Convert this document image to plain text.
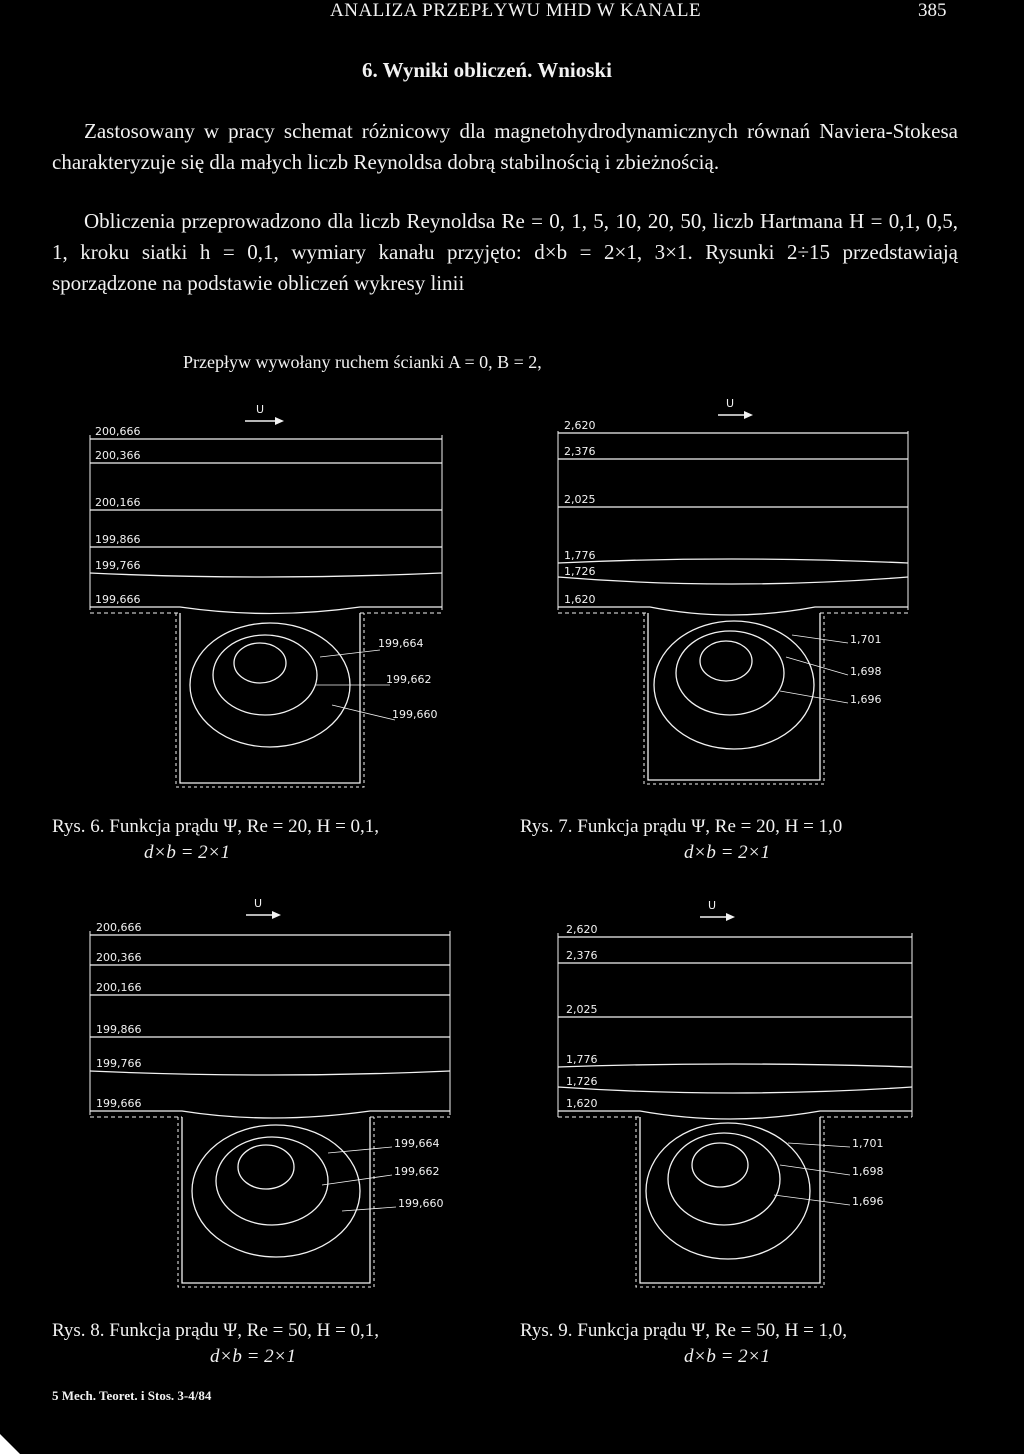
ANALIZA PRZEPŁYWU MHD W KANALE	385
6. Wyniki obliczeń. Wnioski
Zastosowany w pracy schemat różnicowy dla magnetohydrodynamicznych równań Naviera-Stokesa charakteryzuje się dla małych liczb Reynoldsa dobrą stabilnością i zbieżnością.
Obliczenia przeprowadzono dla liczb Reynoldsa Re = 0, 1, 5, 10, 20, 50, liczb Hartmana H = 0,1, 0,5, 1, kroku siatki h = 0,1, wymiary kanału przyjęto: d×b = 2×1, 3×1. Rysunki 2÷15 przedstawiają sporządzone na podstawie obliczeń wykresy linii
Przepływ wywołany ruchem ścianki A = 0, B = 2,
U
200,666
200,366
200,166
199,866
199,766
199,666
199,664
199,662
199,660
Rys. 6. Funkcja prądu Ψ, Re = 20, H = 0,1,
d×b = 2×1
U
2,620
2,376
2,025
1,776
1,726
1,620
1,701
1,698
1,696
Rys. 7. Funkcja prądu Ψ, Re = 20, H = 1,0
d×b = 2×1
U
200,666
200,366
200,166
199,866
199,766
199,666
199,664
199,662
199,660
Rys. 8. Funkcja prądu Ψ, Re = 50, H = 0,1,
d×b = 2×1
U
2,620
2,376
2,025
1,776
1,726
1,620
1,701
1,698
1,696
Rys. 9. Funkcja prądu Ψ, Re = 50, H = 1,0,
d×b = 2×1
5 Mech. Teoret. i Stos. 3-4/84
